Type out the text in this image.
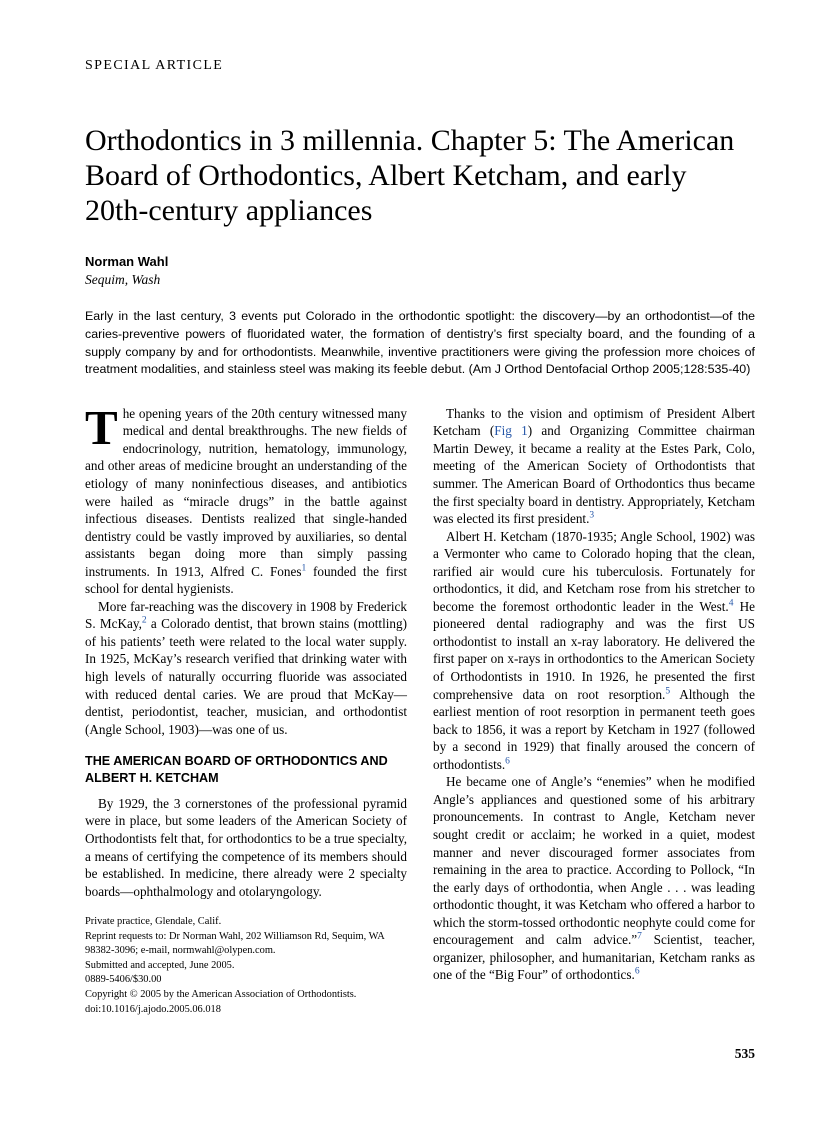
SPECIAL ARTICLE
Orthodontics in 3 millennia. Chapter 5: The American Board of Orthodontics, Albert Ketcham, and early 20th-century appliances
Norman Wahl
Sequim, Wash
Early in the last century, 3 events put Colorado in the orthodontic spotlight: the discovery—by an orthodontist—of the caries-preventive powers of fluoridated water, the formation of dentistry’s first specialty board, and the founding of a supply company by and for orthodontists. Meanwhile, inventive practitioners were giving the profession more choices of treatment modalities, and stainless steel was making its feeble debut. (Am J Orthod Dentofacial Orthop 2005;128:535-40)

The opening years of the 20th century witnessed many medical and dental breakthroughs. The new fields of endocrinology, nutrition, hematology, immunology, and other areas of medicine brought an understanding of the etiology of many noninfectious diseases, and antibiotics were hailed as “miracle drugs” in the battle against infectious diseases. Dentists realized that single-handed dentistry could be vastly improved by auxiliaries, so dental assistants began doing more than simply passing instruments. In 1913, Alfred C. Fones$^1$ founded the first school for dental hygienists.

More far-reaching was the discovery in 1908 by Frederick S. McKay,$^2$ a Colorado dentist, that brown stains (mottling) of his patients’ teeth were related to the local water supply. In 1925, McKay’s research verified that drinking water with high levels of naturally occurring fluoride was associated with reduced dental caries. We are proud that McKay—dentist, periodontist, teacher, musician, and orthodontist (Angle School, 1903)—was one of us.

THE AMERICAN BOARD OF ORTHODONTICS AND ALBERT H. KETCHAM

By 1929, the 3 cornerstones of the professional pyramid were in place, but some leaders of the American Society of Orthodontists felt that, for orthodontics to be a true specialty, a means of certifying the competence of its members should be established. In medicine, there already were 2 specialty boards—ophthalmology and otolaryngology.

Private practice, Glendale, Calif.
Reprint requests to: Dr Norman Wahl, 202 Williamson Rd, Sequim, WA 98382-3096; e-mail, normwahl@olypen.com.
Submitted and accepted, June 2005.
0889-5406/$30.00
Copyright © 2005 by the American Association of Orthodontists.
doi:10.1016/j.ajodo.2005.06.018

Thanks to the vision and optimism of President Albert Ketcham (Fig 1) and Organizing Committee chairman Martin Dewey, it became a reality at the Estes Park, Colo, meeting of the American Society of Orthodontists that summer. The American Board of Orthodontics thus became the first specialty board in dentistry. Appropriately, Ketcham was elected its first president.$^3$

Albert H. Ketcham (1870-1935; Angle School, 1902) was a Vermonter who came to Colorado hoping that the clean, rarified air would cure his tuberculosis. Fortunately for orthodontics, it did, and Ketcham rose from his stretcher to become the foremost orthodontic leader in the West.$^4$ He pioneered dental radiography and was the first US orthodontist to install an x-ray laboratory. He delivered the first paper on x-rays in orthodontics to the American Society of Orthodontists in 1910. In 1926, he presented the first comprehensive data on root resorption.$^5$ Although the earliest mention of root resorption in permanent teeth goes back to 1856, it was a report by Ketcham in 1927 (followed by a second in 1929) that finally aroused the concern of orthodontists.$^6$

He became one of Angle’s “enemies” when he modified Angle’s appliances and questioned some of his arbitrary pronouncements. In contrast to Angle, Ketcham never sought credit or acclaim; he worked in a quiet, modest manner and never discouraged former associates from remaining in the area to practice. According to Pollock, “In the early days of orthodontia, when Angle . . . was leading orthodontic thought, it was Ketcham who offered a harbor to which the storm-tossed orthodontic neophyte could come for encouragement and calm advice.”$^7$ Scientist, teacher, organizer, philosopher, and humanitarian, Ketcham ranks as one of the “Big Four” of orthodontics.$^6$

535
